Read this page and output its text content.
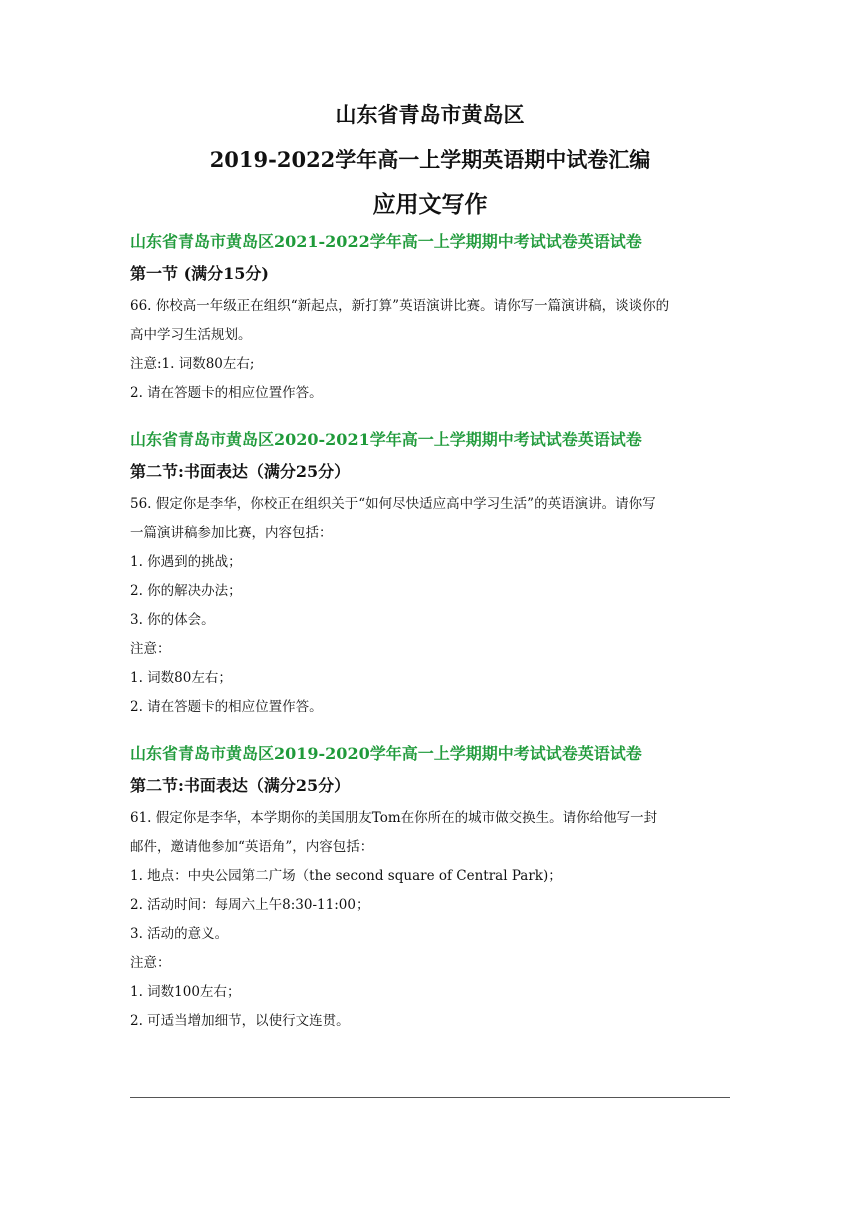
山东省青岛市黄岛区
2019-2022学年高一上学期英语期中试卷汇编
应用文写作
山东省青岛市黄岛区2021-2022学年高一上学期期中考试试卷英语试卷
第一节 (满分15分)

66. 你校高一年级正在组织“新起点，新打算”英语演讲比赛。请你写一篇演讲稿，谈谈你的

高中学习生活规划。

注意:1. 词数80左右;

2. 请在答题卡的相应位置作答。

山东省青岛市黄岛区2020-2021学年高一上学期期中考试试卷英语试卷
第二节:书面表达（满分25分）

56. 假定你是李华，你校正在组织关于“如何尽快适应高中学习生活”的英语演讲。请你写

一篇演讲稿参加比赛，内容包括：

1. 你遇到的挑战；

2. 你的解决办法；

3. 你的体会。

注意：

1. 词数80左右；

2. 请在答题卡的相应位置作答。

山东省青岛市黄岛区2019-2020学年高一上学期期中考试试卷英语试卷
第二节:书面表达（满分25分）

61. 假定你是李华，本学期你的美国朋友Tom在你所在的城市做交换生。请你给他写一封

邮件，邀请他参加“英语角”，内容包括：

1. 地点：中央公园第二广场（the second square of Central Park)；

2. 活动时间：每周六上午8:30-11:00；

3. 活动的意义。

注意：

1. 词数100左右；

2. 可适当增加细节，以使行文连贯。
